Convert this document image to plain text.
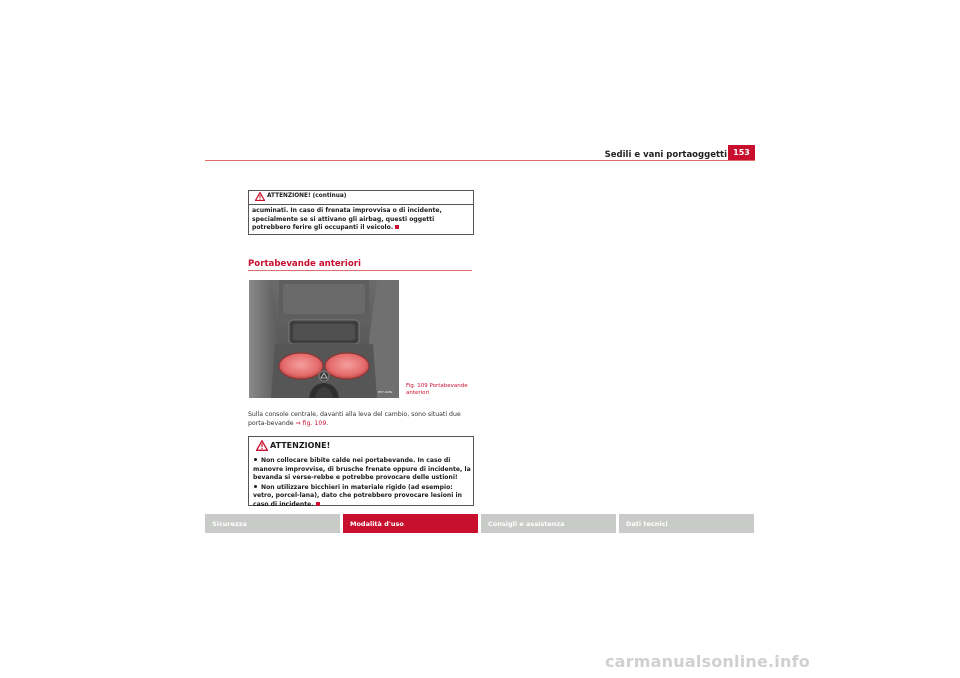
Sedili e vani portaoggetti 153
ATTENZIONE! (continua)
acuminati. In caso di frenata improvvisa o di incidente, specialmente se si attivano gli airbag, questi oggetti potrebbero ferire gli occupanti il veicolo.
Portabevande anteriori
B5F-0089
Fig. 109 Portabevande anteriori
Sulla console centrale, davanti alla leva del cambio, sono situati due porta-bevande ⇒ fig. 109.
ATTENZIONE!
Non collocare bibite calde nei portabevande. In caso di manovre improvvise, di brusche frenate oppure di incidente, la bevanda si verse-rebbe e potrebbe provocare delle ustioni!
Non utilizzare bicchieri in materiale rigido (ad esempio: vetro, porcel-lana), dato che potrebbero provocare lesioni in caso di incidente.
Sicurezza	Modalità d'uso	Consigli e assistenza	Dati tecnici
carmanualsonline.info
